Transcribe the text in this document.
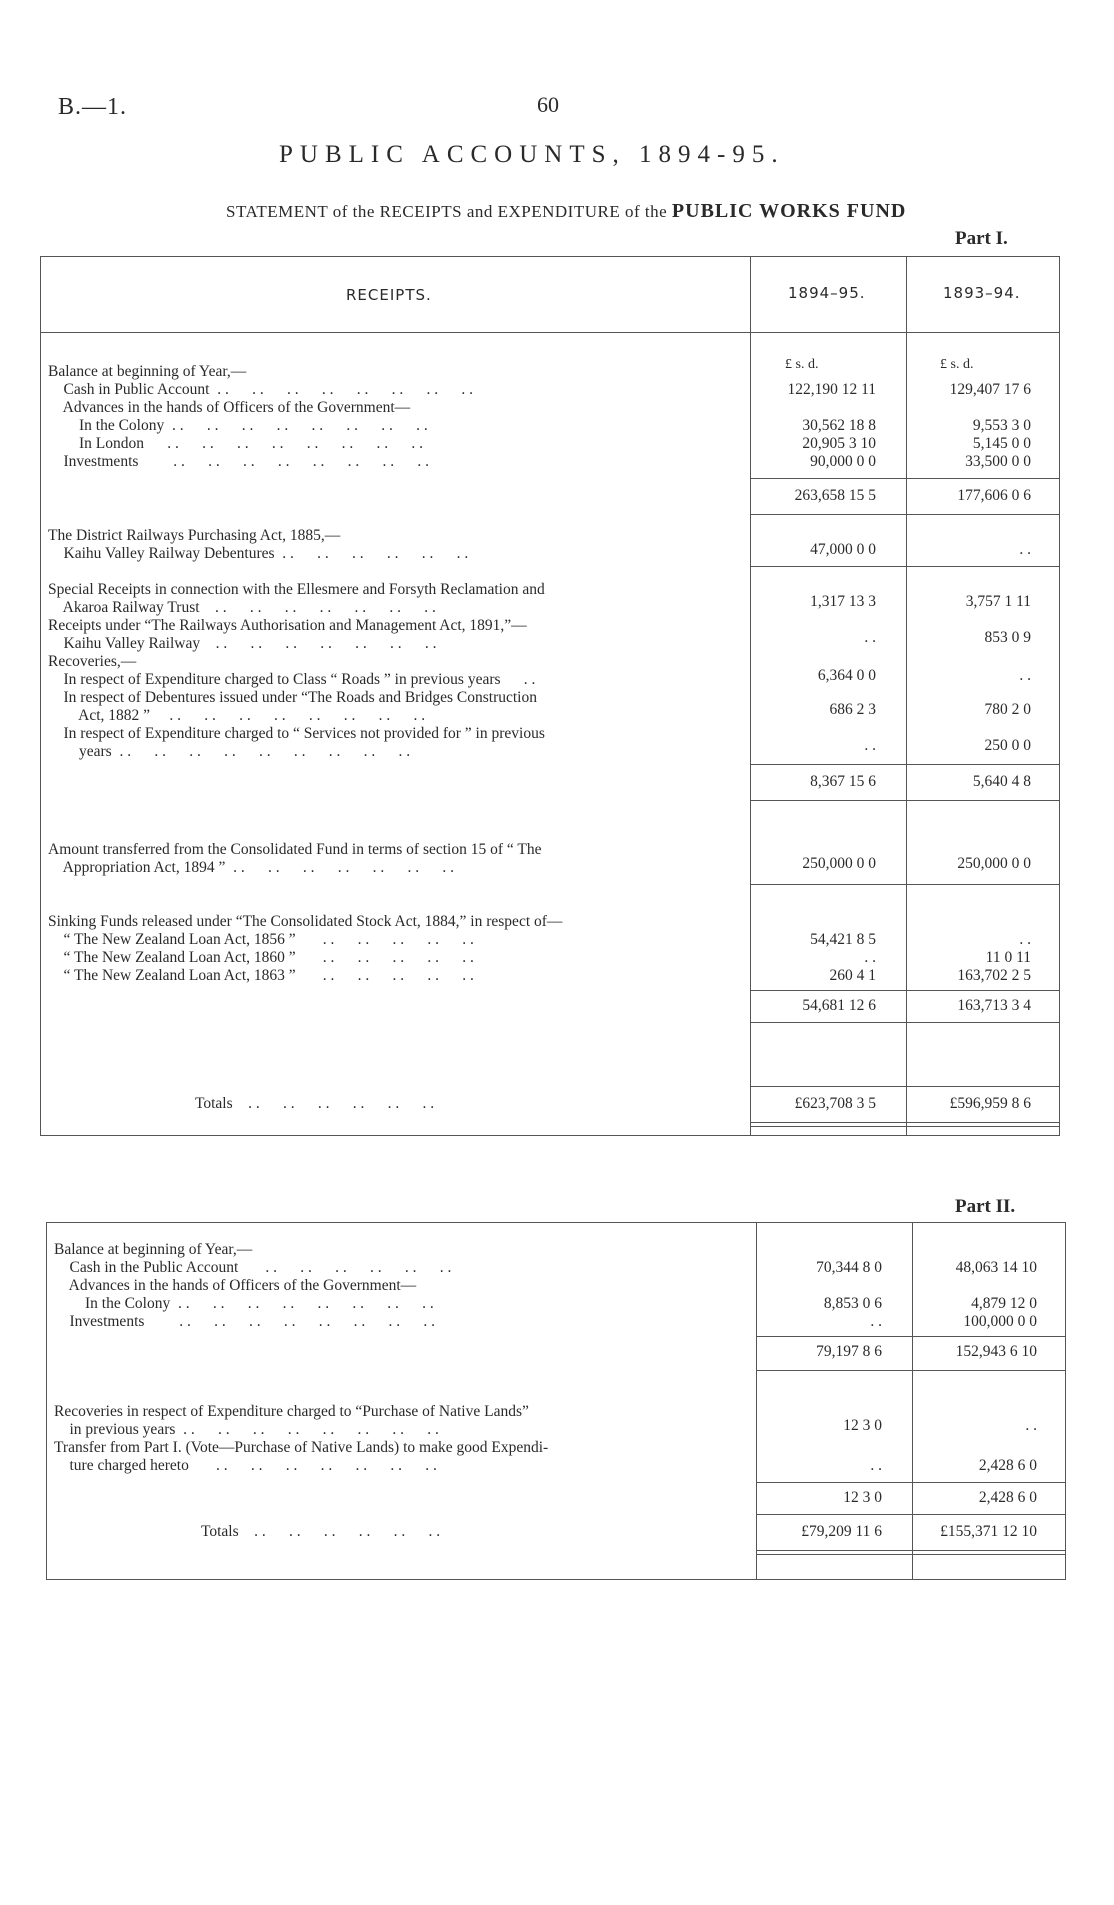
B.—1.	60
PUBLIC ACCOUNTS, 1894-95.
STATEMENT of the RECEIPTS and EXPENDITURE of the PUBLIC WORKS FUND
Part I.
RECEIPTS.	1894–95.	1893–94.
£ s. d.	£ s. d.
Balance at beginning of Year,—
Cash in Public Account  . .      . .      . .      . .      . .      . .      . .      . .	122,190 12 11	129,407 17 6
Advances in the hands of Officers of the Government—
In the Colony  . .      . .      . .      . .      . .      . .      . .      . .	30,562 18 8	9,553 3 0
In London      . .      . .      . .      . .      . .      . .      . .      . .	20,905 3 10	5,145 0 0
Investments         . .      . .      . .      . .      . .      . .      . .      . .	90,000 0 0	33,500 0 0
263,658 15 5	177,606 0 6
The District Railways Purchasing Act, 1885,—
Kaihu Valley Railway Debentures  . .      . .      . .      . .      . .      . .	47,000 0 0	. .
Special Receipts in connection with the Ellesmere and Forsyth Reclamation and
Akaroa Railway Trust    . .      . .      . .      . .      . .      . .      . .	1,317 13 3	3,757 1 11
Receipts under “The Railways Authorisation and Management Act, 1891,”—
Kaihu Valley Railway    . .      . .      . .      . .      . .      . .      . .	. .	853 0 9
Recoveries,—
In respect of Expenditure charged to Class “ Roads ” in previous years      . .	6,364 0 0	. .
In respect of Debentures issued under “The Roads and Bridges Construction
Act, 1882 ”     . .      . .      . .      . .      . .      . .      . .      . .	686 2 3	780 2 0
In respect of Expenditure charged to “ Services not provided for ” in previous
years  . .      . .      . .      . .      . .      . .      . .      . .      . .	. .	250 0 0
8,367 15 6	5,640 4 8
Amount transferred from the Consolidated Fund in terms of section 15 of “ The
Appropriation Act, 1894 ”  . .      . .      . .      . .      . .      . .      . .	250,000 0 0	250,000 0 0
Sinking Funds released under “The Consolidated Stock Act, 1884,” in respect of—
“ The New Zealand Loan Act, 1856 ”       . .      . .      . .      . .      . .	54,421 8 5	. .
“ The New Zealand Loan Act, 1860 ”       . .      . .      . .      . .      . .	. .	11 0 11
“ The New Zealand Loan Act, 1863 ”       . .      . .      . .      . .      . .	260 4 1	163,702 2 5
54,681 12 6	163,713 3 4
Totals    . .      . .      . .      . .      . .      . .	£623,708 3 5	£596,959 8 6
Part II.
Balance at beginning of Year,—
Cash in the Public Account       . .      . .      . .      . .      . .      . .	70,344 8 0	48,063 14 10
Advances in the hands of Officers of the Government—
In the Colony  . .      . .      . .      . .      . .      . .      . .      . .	8,853 0 6	4,879 12 0
Investments         . .      . .      . .      . .      . .      . .      . .      . .	. .	100,000 0 0
79,197 8 6	152,943 6 10
Recoveries in respect of Expenditure charged to “Purchase of Native Lands”
in previous years  . .      . .      . .      . .      . .      . .      . .      . .	12 3 0	. .
Transfer from Part I. (Vote—Purchase of Native Lands) to make good Expendi-
ture charged hereto       . .      . .      . .      . .      . .      . .      . .	. .	2,428 6 0
12 3 0	2,428 6 0
Totals    . .      . .      . .      . .      . .      . .	£79,209 11 6	£155,371 12 10
